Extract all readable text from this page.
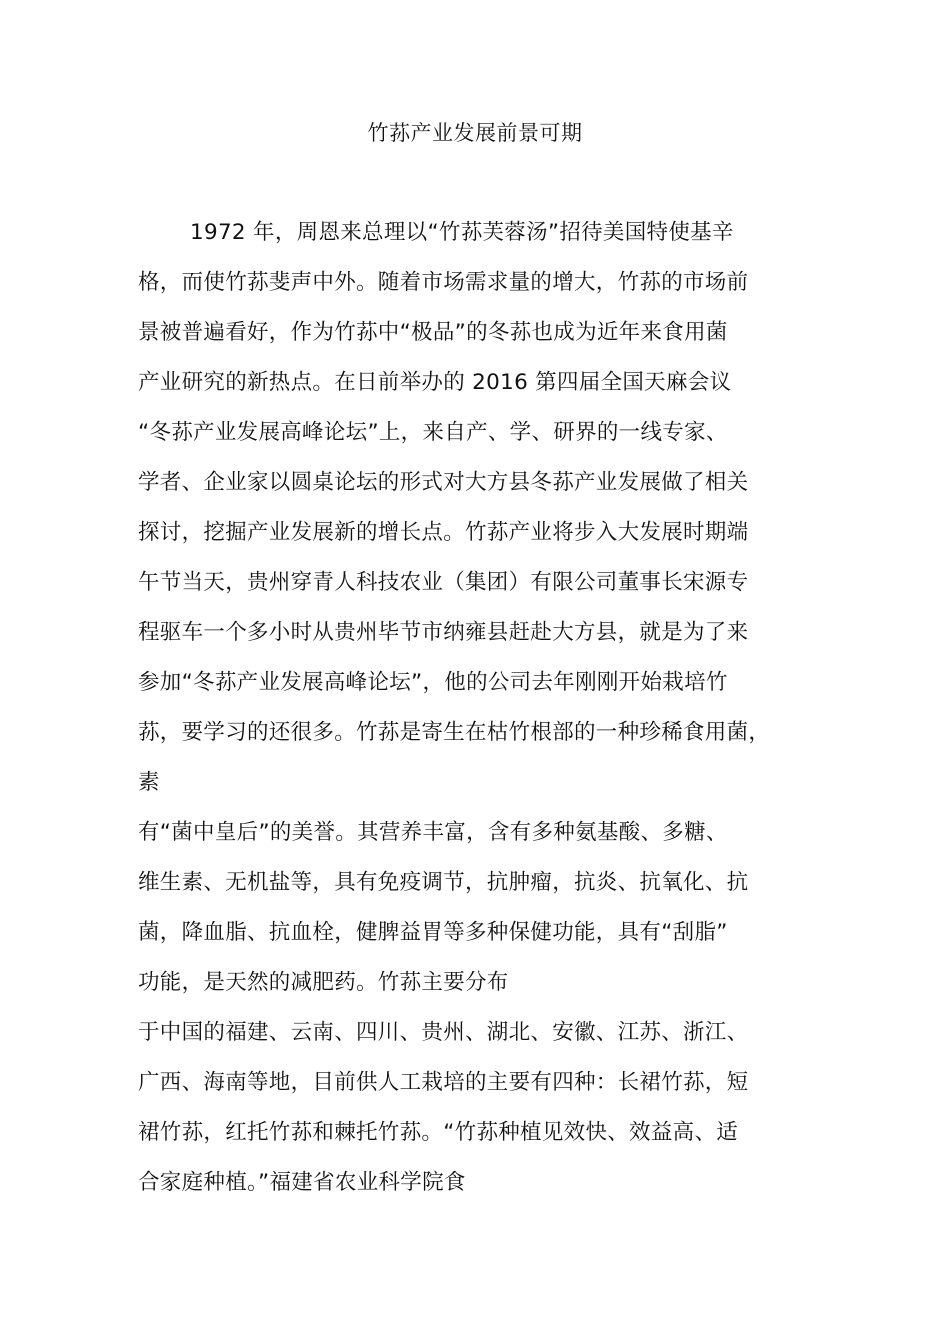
竹荪产业发展前景可期
1972 年，周恩来总理以“竹荪芙蓉汤”招待美国特使基辛
格，而使竹荪斐声中外。随着市场需求量的增大，竹荪的市场前
景被普遍看好，作为竹荪中“极品”的冬荪也成为近年来食用菌
产业研究的新热点。在日前举办的 2016 第四届全国天麻会议
“冬荪产业发展高峰论坛”上，来自产、学、研界的一线专家、
学者、企业家以圆桌论坛的形式对大方县冬荪产业发展做了相关
探讨，挖掘产业发展新的增长点。竹荪产业将步入大发展时期端
午节当天，贵州穿青人科技农业（集团）有限公司董事长宋源专
程驱车一个多小时从贵州毕节市纳雍县赶赴大方县，就是为了来
参加“冬荪产业发展高峰论坛”，他的公司去年刚刚开始栽培竹
荪，要学习的还很多。竹荪是寄生在枯竹根部的一种珍稀食用菌，
素
有“菌中皇后”的美誉。其营养丰富，含有多种氨基酸、多糖、
维生素、无机盐等，具有免疫调节，抗肿瘤，抗炎、抗氧化、抗
菌，降血脂、抗血栓，健脾益胃等多种保健功能，具有“刮脂”
功能，是天然的减肥药。竹荪主要分布
于中国的福建、云南、四川、贵州、湖北、安徽、江苏、浙江、
广西、海南等地，目前供人工栽培的主要有四种：长裙竹荪，短
裙竹荪，红托竹荪和棘托竹荪。“竹荪种植见效快、效益高、适
合家庭种植。”福建省农业科学院食
